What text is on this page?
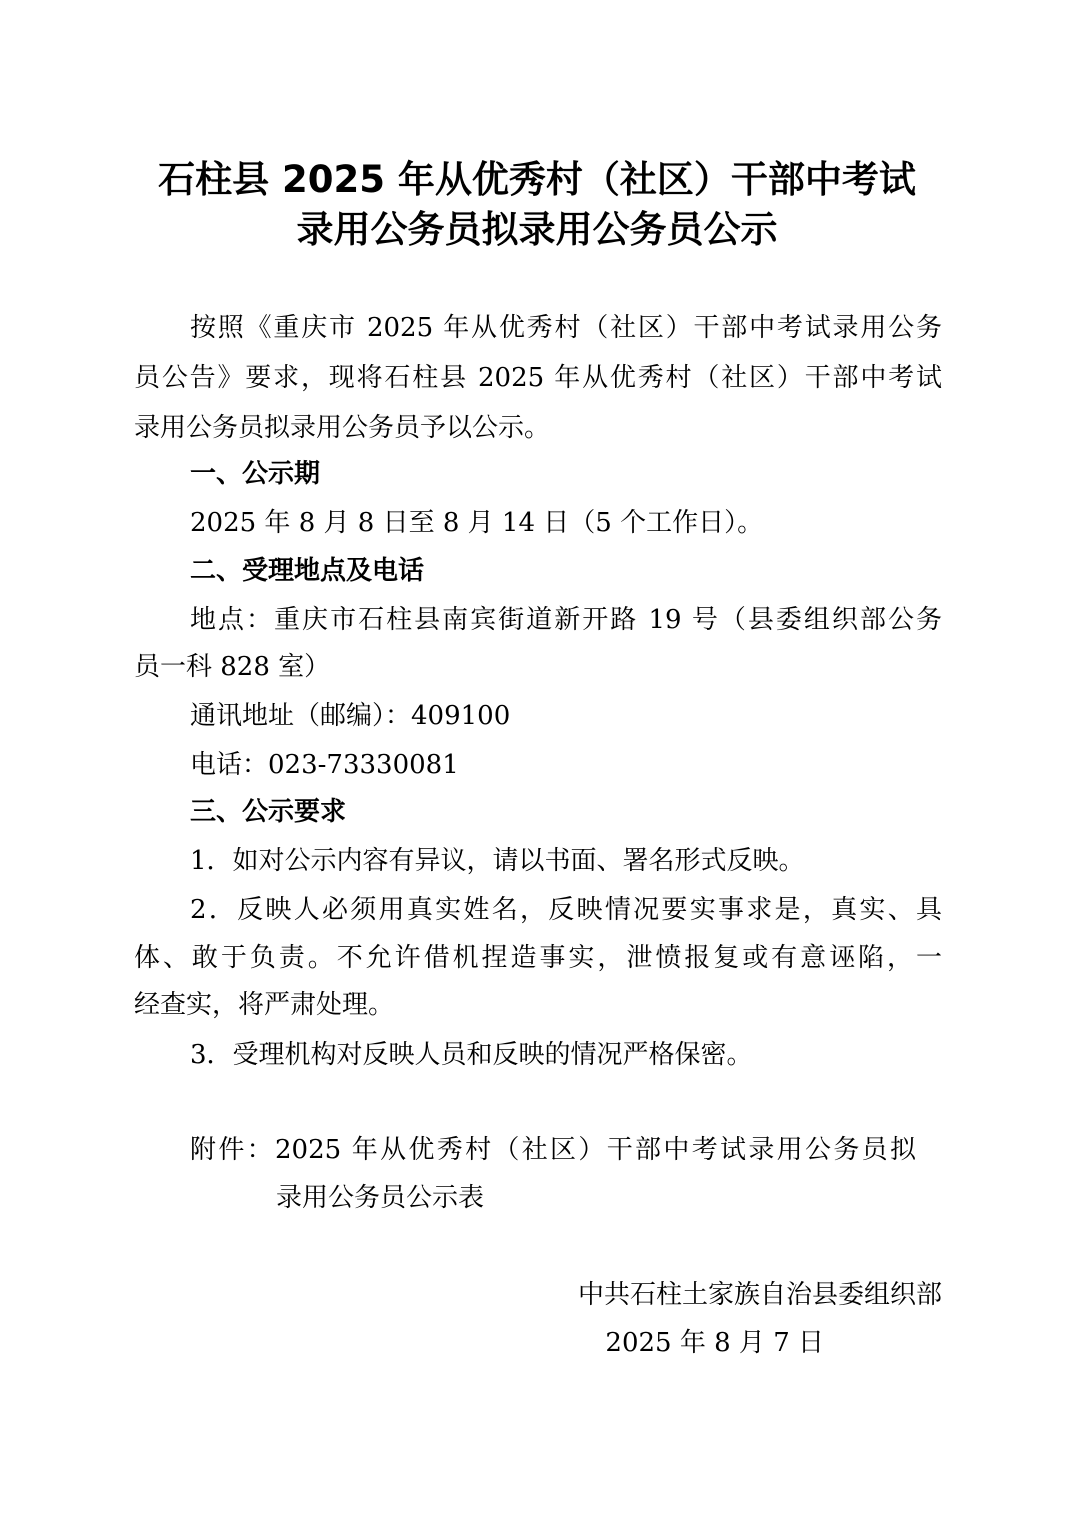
石柱县 2025 年从优秀村（社区）干部中考试
录用公务员拟录用公务员公示
按照《重庆市 2025 年从优秀村（社区）干部中考试录用公务
员公告》要求，现将石柱县 2025 年从优秀村（社区）干部中考试
录用公务员拟录用公务员予以公示。
一、公示期
2025 年 8 月 8 日至 8 月 14 日（5 个工作日）。
二、受理地点及电话
地点：重庆市石柱县南宾街道新开路 19 号（县委组织部公务
员一科 828 室）
通讯地址（邮编）：409100
电话：023-73330081
三、公示要求
1．如对公示内容有异议，请以书面、署名形式反映。
2．反映人必须用真实姓名，反映情况要实事求是，真实、具
体、敢于负责。不允许借机捏造事实，泄愤报复或有意诬陷，一
经查实，将严肃处理。
3．受理机构对反映人员和反映的情况严格保密。
附件：2025 年从优秀村（社区）干部中考试录用公务员拟
录用公务员公示表
中共石柱土家族自治县委组织部
2025 年 8 月 7 日
